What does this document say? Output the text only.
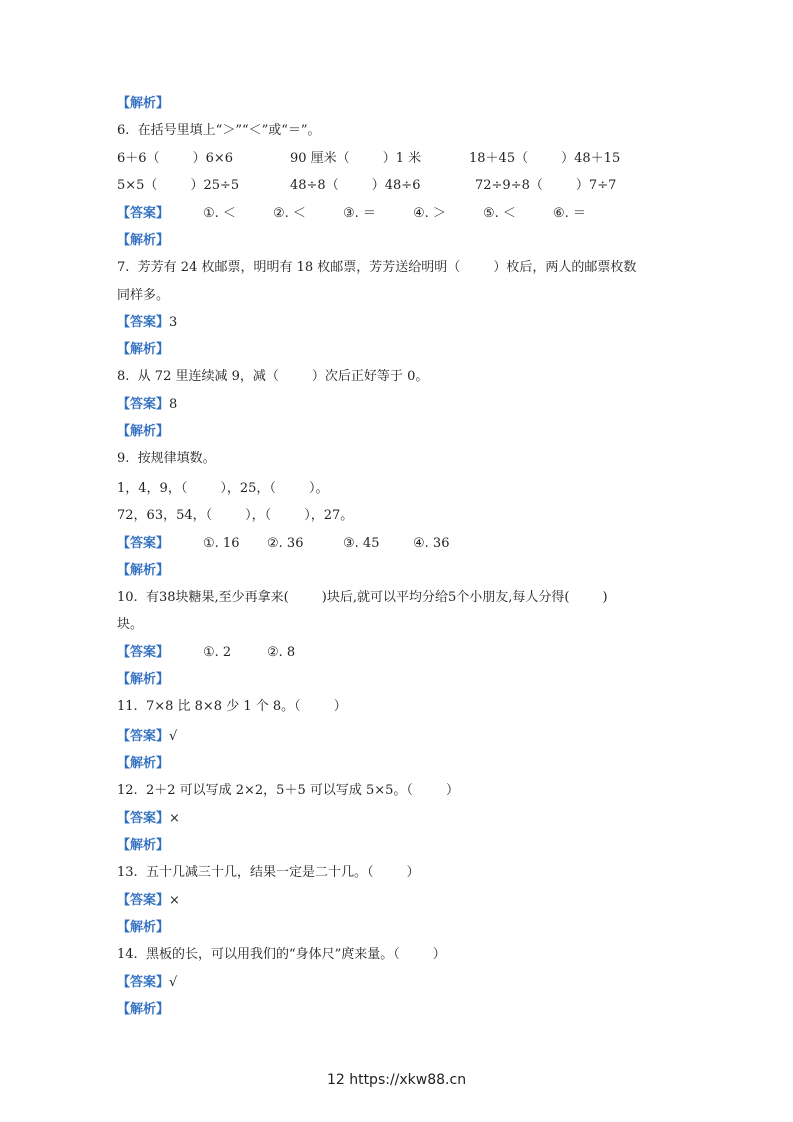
【解析】
6.  在括号里填上“＞”“＜”或“＝”。
6＋6（        ）6×6	90 厘米（        ）1 米	18＋45（        ）48＋15
5×5（        ）25÷5	48÷8（        ）48÷6	72÷9÷8（        ）7÷7
【答案】	①. ＜	②. ＜	③. ＝	④. ＞	⑤. ＜	⑥. ＝
【解析】
7.  芳芳有 24 枚邮票，明明有 18 枚邮票，芳芳送给明明（        ）枚后，两人的邮票枚数
同样多。
【答案】3
【解析】
8.  从 72 里连续减 9，减（        ）次后正好等于 0。
【答案】8
【解析】
9.  按规律填数。
1，4，9，（        ），25，（        ）。
72，63，54，（        ），（        ），27。
【答案】	①. 16 ②. 36	③. 45	④. 36
【解析】
10.  有38块糖果,至少再拿来(        )块后,就可以平均分给5个小朋友,每人分得(        )
块。
【答案】	①. 2	②. 8
【解析】
11.  7×8 比 8×8 少 1 个 8。（        ）
【答案】√
【解析】
12.  2＋2 可以写成 2×2，5＋5 可以写成 5×5。（        ）
【答案】×
【解析】
13.  五十几减三十几，结果一定是二十几。（        ）
【答案】×
【解析】
14.  黑板的长，可以用我们的“身体尺”庹来量。（        ）
【答案】√
【解析】
12 https://xkw88.cn
